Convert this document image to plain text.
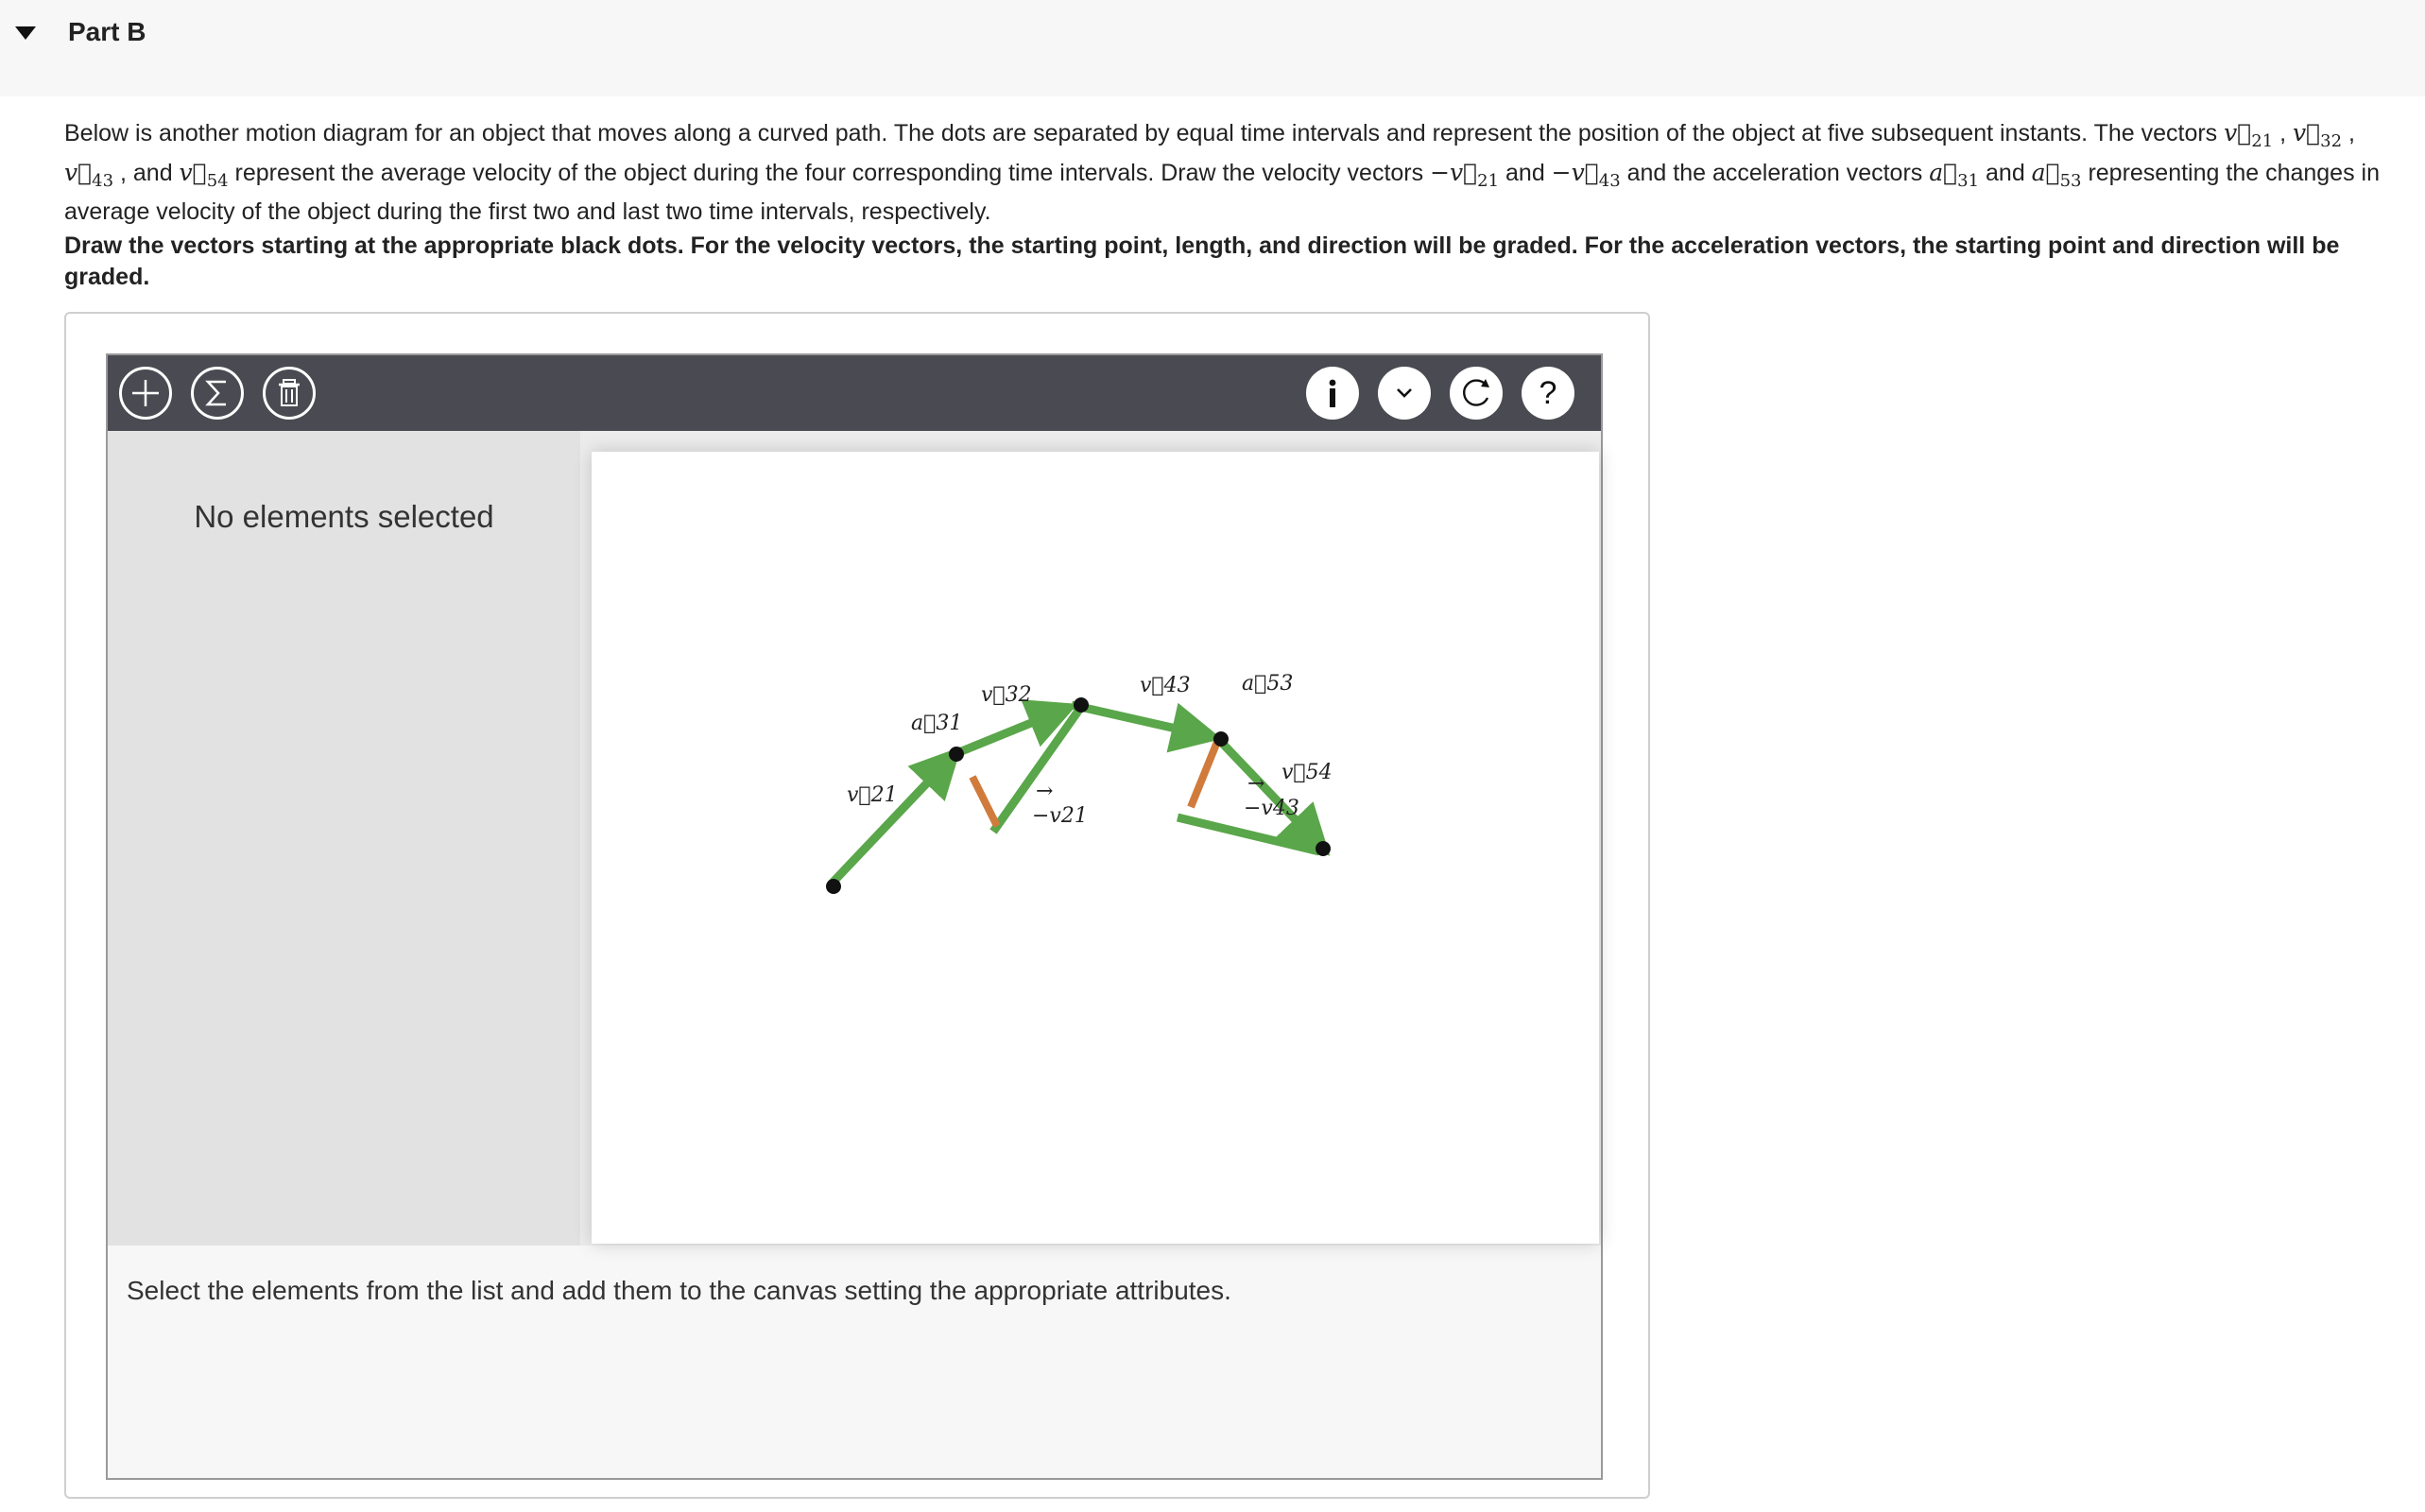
Part B
Below is another motion diagram for an object that moves along a curved path. The dots are separated by equal time intervals and represent the position of the object at five subsequent instants. The vectors $v⃗_{21}$ , $v⃗_{32}$ , $v⃗_{43}$ , and $v⃗_{54}$ represent the average velocity of the object during the four corresponding time intervals. Draw the velocity vectors $-v⃗_{21}$ and $-v⃗_{43}$ and the acceleration vectors $a⃗_{31}$ and $a⃗_{53}$ representing the changes in average velocity of the object during the first two and last two time intervals, respectively.
Draw the vectors starting at the appropriate black dots. For the velocity vectors, the starting point, length, and direction will be graded. For the acceleration vectors, the starting point and direction will be graded.
?
No elements selected
v⃗21
a⃗31
v⃗32	v⃗43 a⃗53
v⃗54
→
−v21
→
−v43
Select the elements from the list and add them to the canvas setting the appropriate attributes.
